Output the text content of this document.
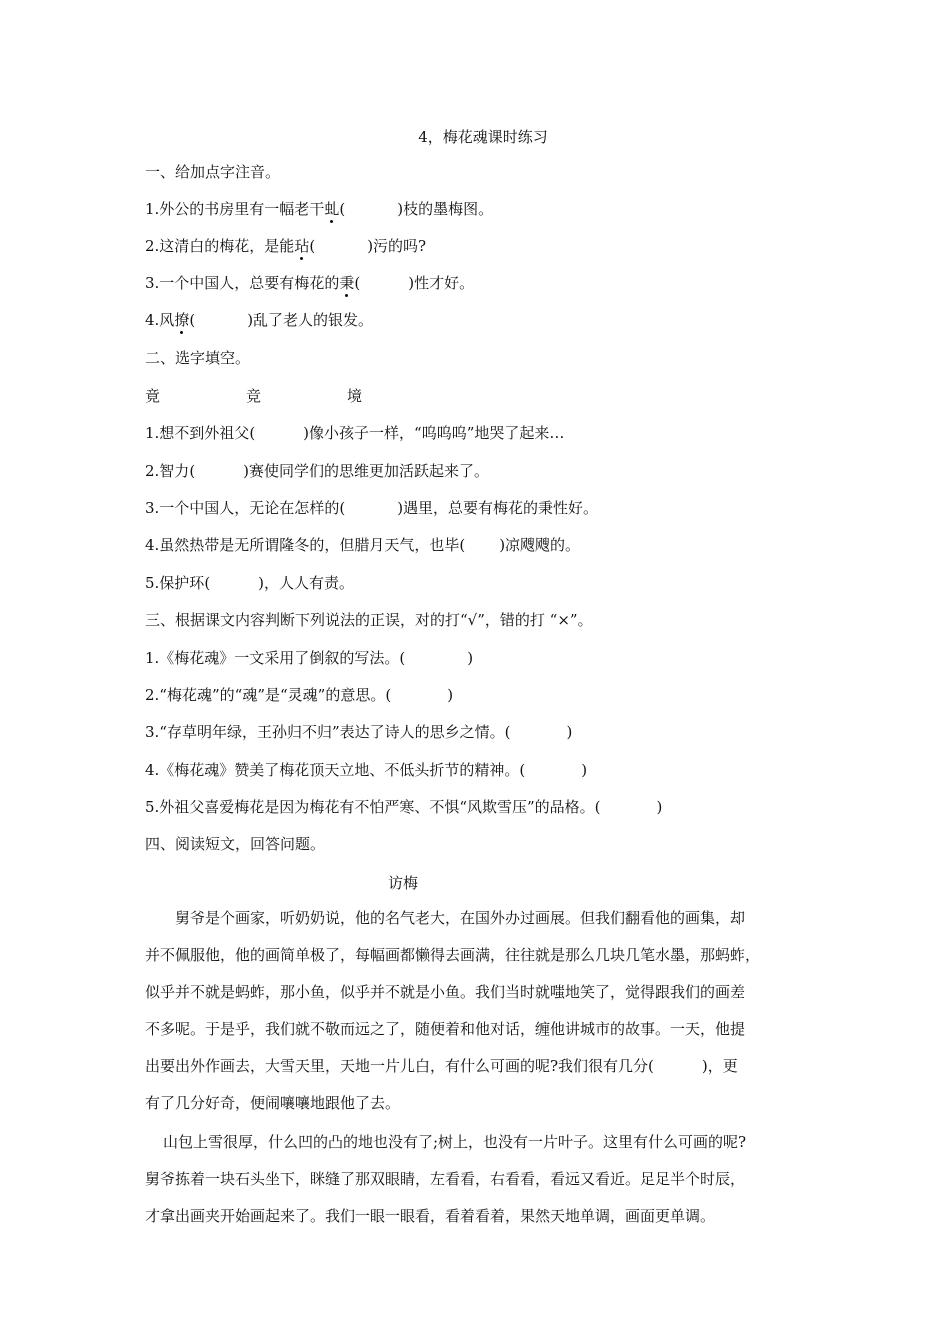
4，梅花魂课时练习
一、给加点字注音。
1.外公的书房里有一幅老干虬(	)枝的墨梅图。
2.这清白的梅花，是能玷(	)污的吗?
3.一个中国人，总要有梅花的秉(	)性才好。
4.风撩(	)乱了老人的银发。
二、选字填空。
竟	竞	境
1.想不到外祖父(	)像小孩子一样，“呜呜呜”地哭了起来…
2.智力(	)赛使同学们的思维更加活跃起来了。
3.一个中国人，无论在怎样的(	)遇里，总要有梅花的秉性好。
4.虽然热带是无所谓隆冬的，但腊月天气，也毕( )凉飕飕的。
5.保护环(	)，人人有责。
三、根据课文内容判断下列说法的正误，对的打“√”，错的打 “×”。
1.《梅花魂》一文采用了倒叙的写法。(	)
2.“梅花魂”的“魂”是“灵魂”的意思。(	)
3.“存草明年绿，王孙归不归”表达了诗人的思乡之情。(	)
4.《梅花魂》赞美了梅花顶天立地、不低头折节的精神。(	)
5.外祖父喜爱梅花是因为梅花有不怕严寒、不惧“风欺雪压”的品格。(	)
四、阅读短文，回答问题。
访梅

舅爷是个画家，听奶奶说，他的名气老大，在国外办过画展。但我们翻看他的画集，却
并不佩服他，他的画简单极了，每幅画都懒得去画满，往往就是那么几块几笔水墨，那蚂蚱，
似乎并不就是蚂蚱，那小鱼，似乎并不就是小鱼。我们当时就嗤地笑了，觉得跟我们的画差
不多呢。于是乎，我们就不敬而远之了，随便着和他对话，缠他讲城市的故事。一天，他提
出要出外作画去，大雪天里，天地一片儿白，有什么可画的呢?我们很有几分(	)，更
有了几分好奇，便闹嚷嚷地跟他了去。

山包上雪很厚，什么凹的凸的地也没有了;树上，也没有一片叶子。这里有什么可画的呢?
舅爷拣着一块石头坐下，眯缝了那双眼睛，左看看，右看看，看远又看近。足足半个时辰，
才拿出画夹开始画起来了。我们一眼一眼看，看着看着，果然天地单调，画面更单调。
